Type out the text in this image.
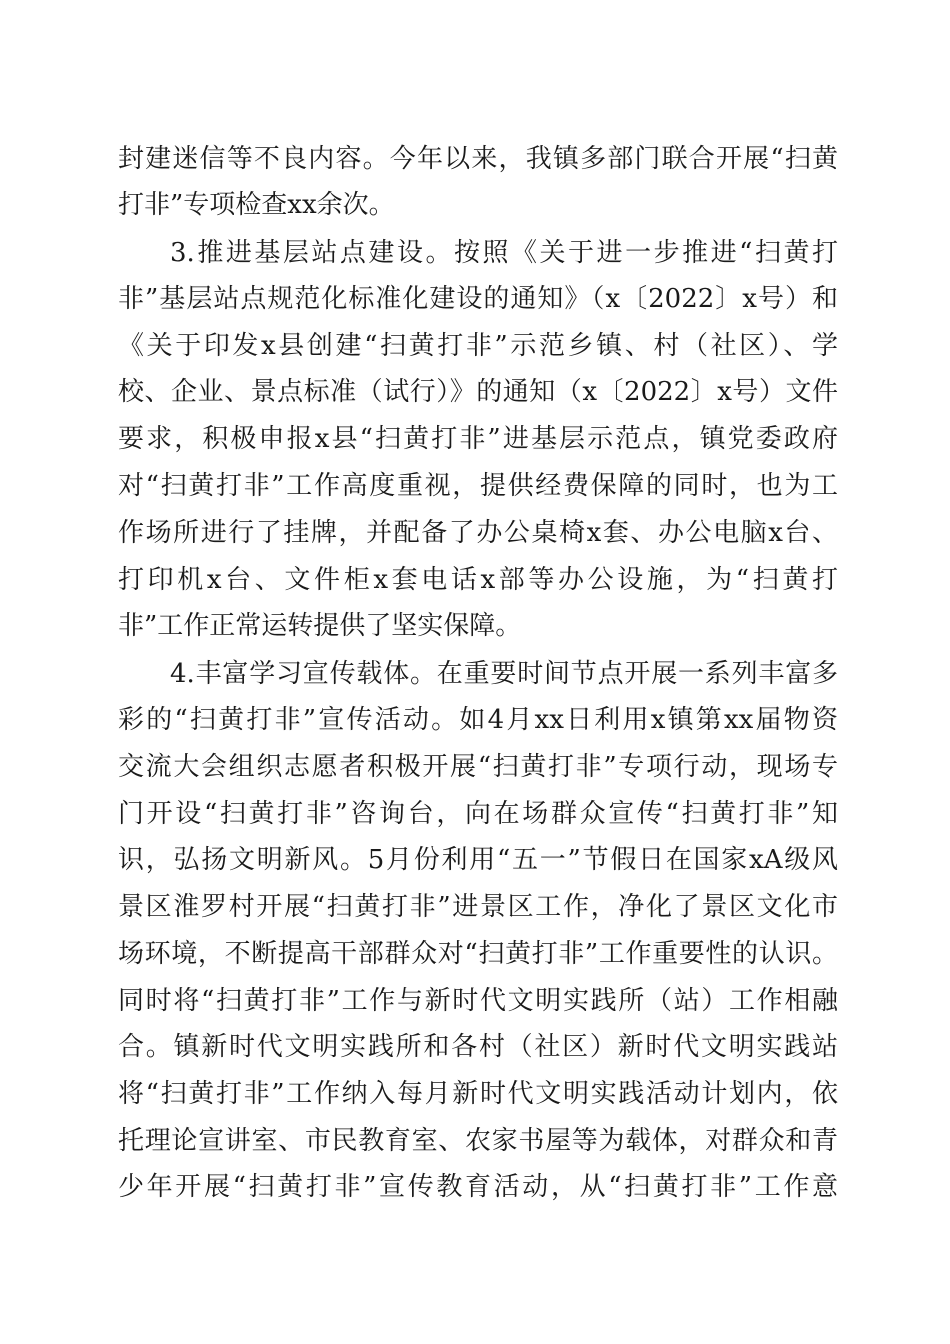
封建迷信等不良内容。今年以来，我镇多部门联合开展“扫黄
打非”专项检查xx余次。
3.推进基层站点建设。按照《关于进一步推进“扫黄打
非”基层站点规范化标准化建设的通知》（x〔2022〕x号）和
《关于印发x县创建“扫黄打非”示范乡镇、村（社区）、学
校、企业、景点标准（试行）》的通知（x〔2022〕x号）文件
要求，积极申报x县“扫黄打非”进基层示范点，镇党委政府
对“扫黄打非”工作高度重视，提供经费保障的同时，也为工
作场所进行了挂牌，并配备了办公桌椅x套、办公电脑x台、
打印机x台、文件柜x套电话x部等办公设施，为“扫黄打
非”工作正常运转提供了坚实保障。
4.丰富学习宣传载体。在重要时间节点开展一系列丰富多
彩的“扫黄打非”宣传活动。如4月xx日利用x镇第xx届物资
交流大会组织志愿者积极开展“扫黄打非”专项行动，现场专
门开设“扫黄打非”咨询台，向在场群众宣传“扫黄打非”知
识，弘扬文明新风。5月份利用“五一”节假日在国家xA级风
景区淮罗村开展“扫黄打非”进景区工作，净化了景区文化市
场环境，不断提高干部群众对“扫黄打非”工作重要性的认识。
同时将“扫黄打非”工作与新时代文明实践所（站）工作相融
合。镇新时代文明实践所和各村（社区）新时代文明实践站
将“扫黄打非”工作纳入每月新时代文明实践活动计划内，依
托理论宣讲室、市民教育室、农家书屋等为载体，对群众和青
少年开展“扫黄打非”宣传教育活动，从“扫黄打非”工作意
